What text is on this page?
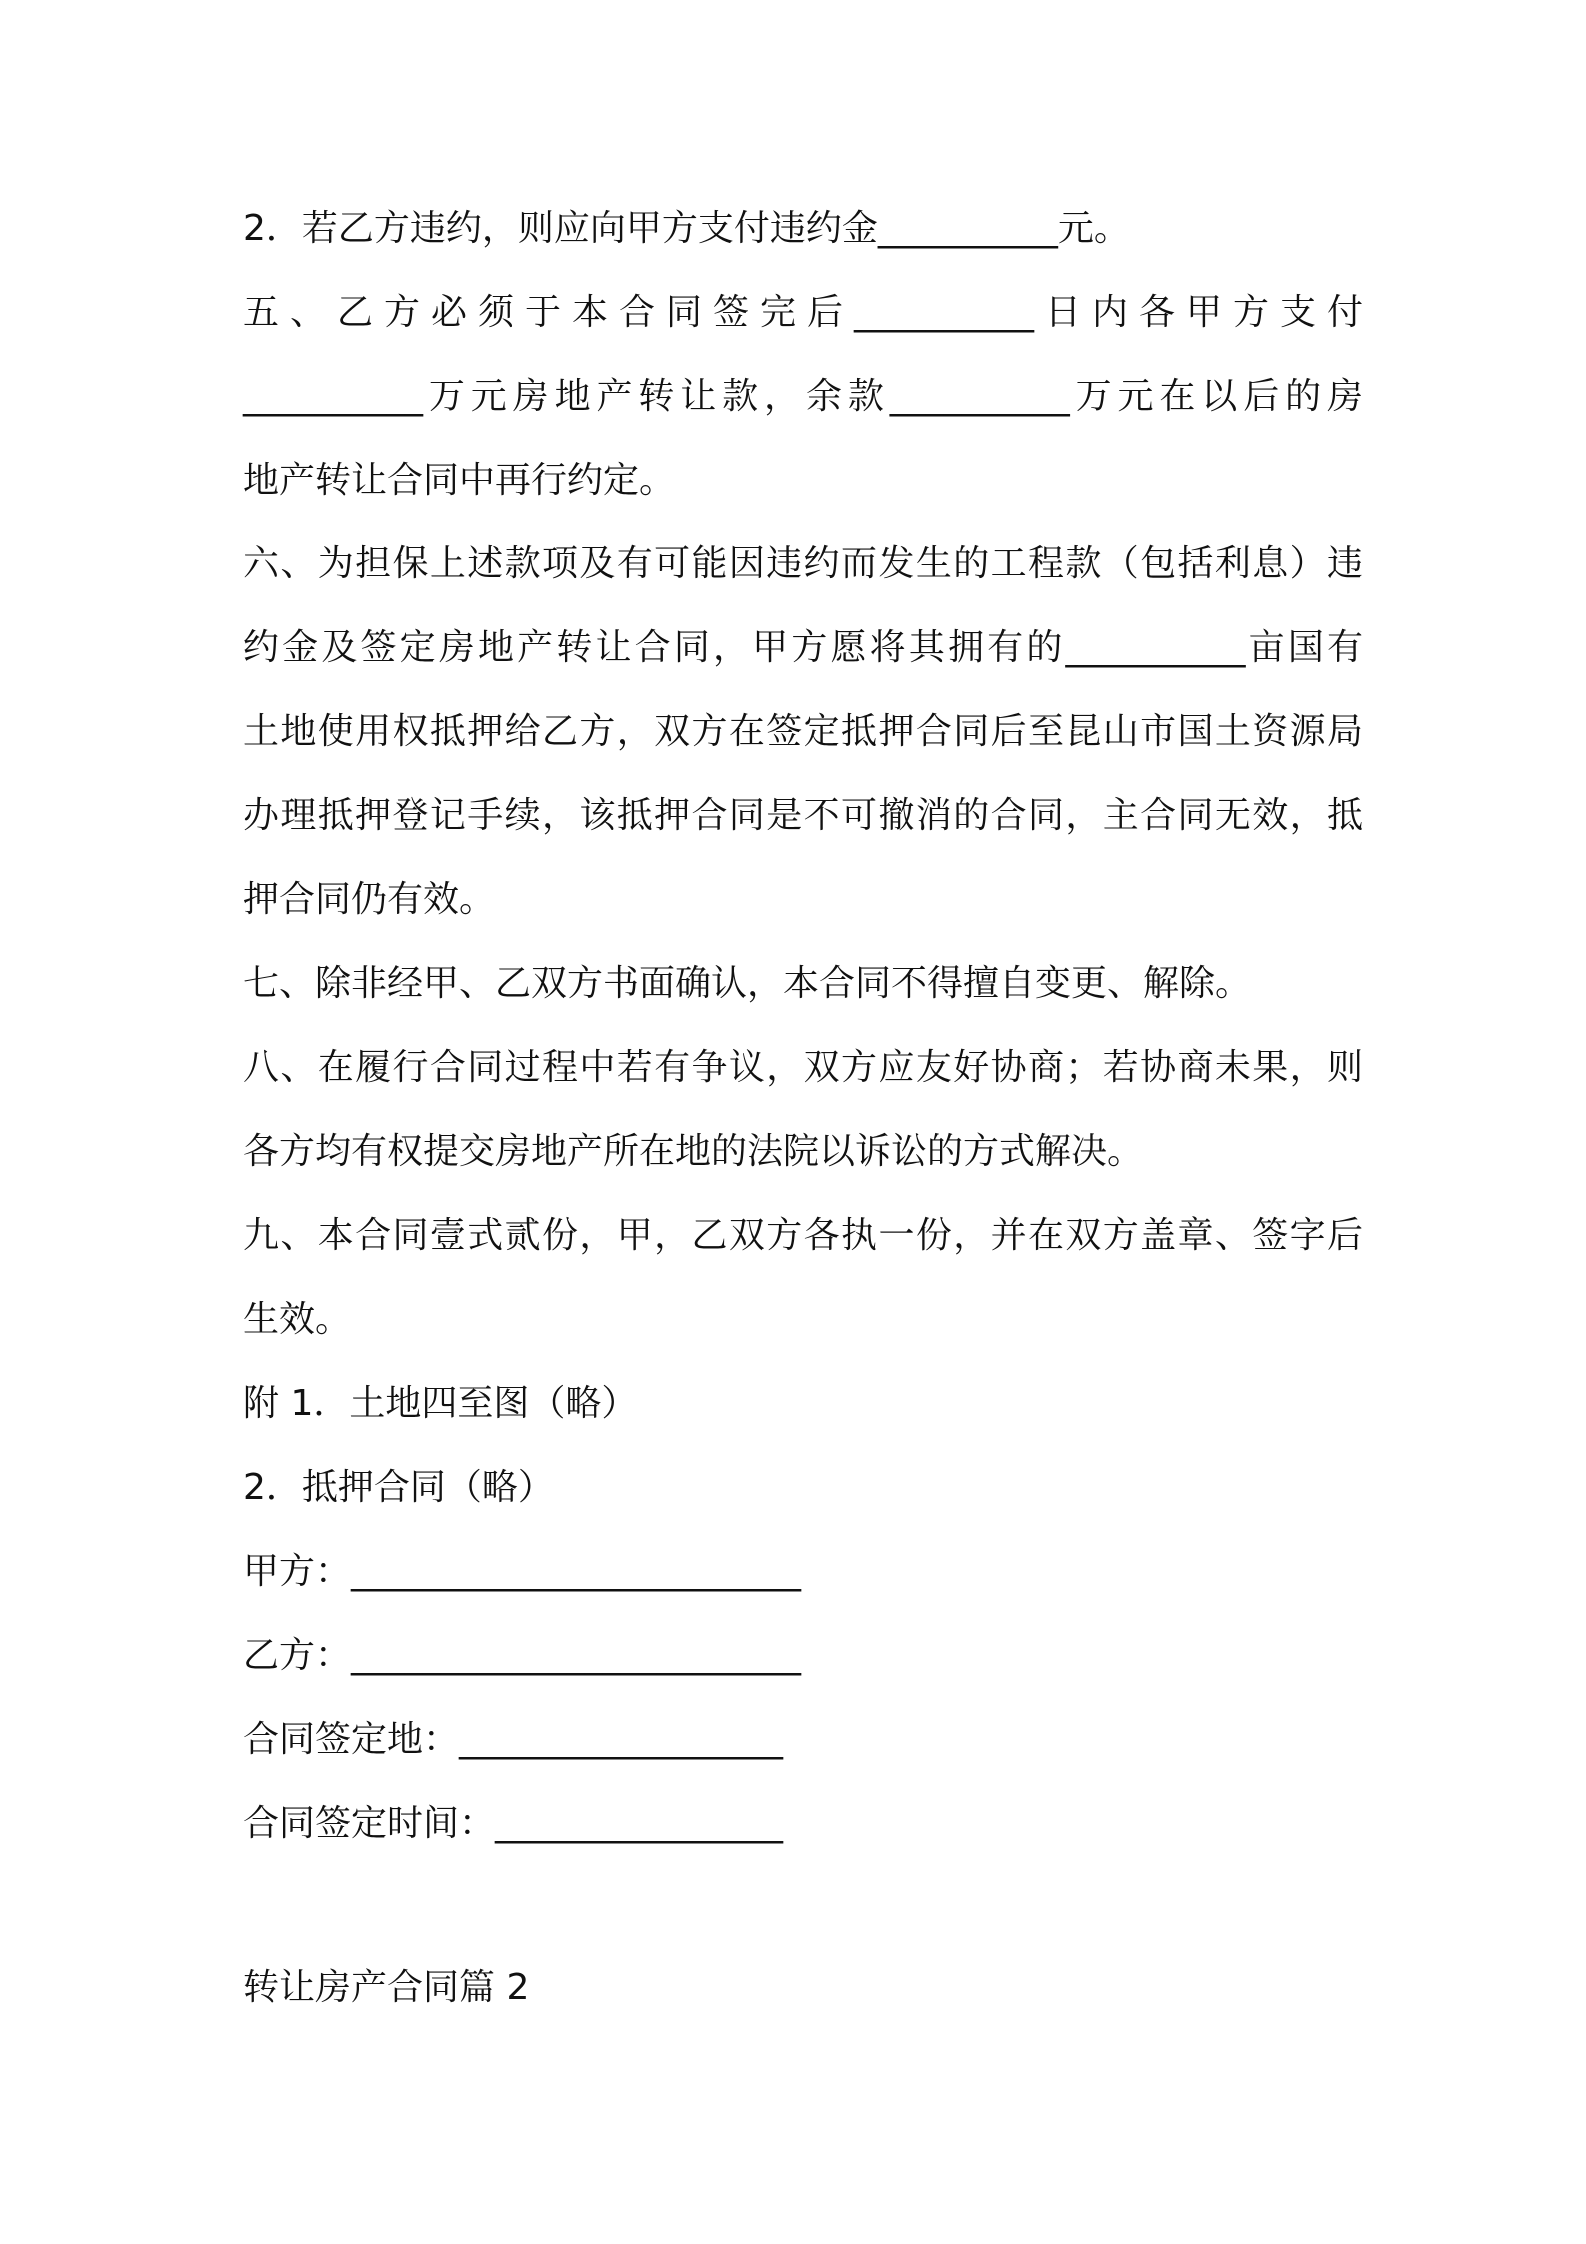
2．若乙方违约，则应向甲方支付违约金__________元。

五、乙方必须于本合同签完后__________日内各甲方支付

__________万元房地产转让款，余款__________万元在以后的房

地产转让合同中再行约定。

六、为担保上述款项及有可能因违约而发生的工程款（包括利息）违

约金及签定房地产转让合同，甲方愿将其拥有的__________亩国有

土地使用权抵押给乙方，双方在签定抵押合同后至昆山市国土资源局

办理抵押登记手续，该抵押合同是不可撤消的合同，主合同无效，抵

押合同仍有效。

七、除非经甲、乙双方书面确认，本合同不得擅自变更、解除。

八、在履行合同过程中若有争议，双方应友好协商；若协商未果，则

各方均有权提交房地产所在地的法院以诉讼的方式解决。

九、本合同壹式贰份，甲，乙双方各执一份，并在双方盖章、签字后

生效。

附 1．土地四至图（略）

2．抵押合同（略）

甲方：_________________________

乙方：_________________________

合同签定地：__________________

合同签定时间：________________

转让房产合同篇 2
